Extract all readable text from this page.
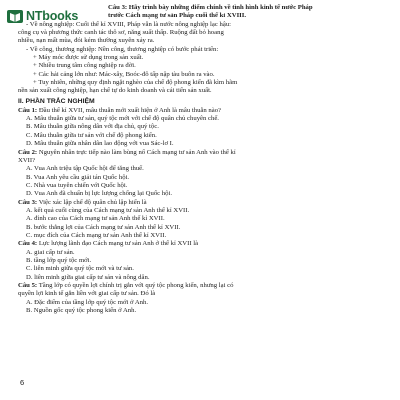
NTbooks
Câu 3: Hãy trình bày những điểm chính về tình hình kinh tế nước Pháp
trước Cách mạng tư sản Pháp cuối thế kỉ XVIII.
- Về nông nghiệp: Cuối thế kỉ XVIII, Pháp vẫn là nước nông nghiệp lạc hậu:
công cụ và phương thức canh tác thô sơ, năng suất thấp. Ruộng đất bỏ hoang
nhiều, nạn mất mùa, đói kém thường xuyên xảy ra.
- Về công, thương nghiệp: Nền công, thương nghiệp có bước phát triển:
+ Máy móc được sử dụng trong sản xuất.
+ Nhiều trung tâm công nghiệp ra đời.
+ Các hải cảng lớn như: Mác-xây, Boóc-đô tấp nập tàu buôn ra vào.
+ Tuy nhiên, những quy định ngặt nghèo của chế độ phong kiến đã kìm hãm
nền sản xuất công nghiệp, hạn chế tự do kinh doanh và cái tiến sản xuất.
II. PHẦN TRẮC NGHIỆM
Câu 1: Đầu thế kỉ XVII, mâu thuẫn mới xuất hiện ở Anh là mâu thuẫn nào?
A. Mâu thuẫn giữa tư sản, quý tộc mới với chế độ quân chủ chuyên chế.
B. Mâu thuẫn giữa nông dân với địa chủ, quý tộc.
C. Mâu thuẫn giữa tư sản với chế độ phong kiến.
D. Mâu thuẫn giữa nhân dân lao động với vua Sác-lơ I.
Câu 2: Nguyên nhân trực tiếp nào làm bùng nổ Cách mạng tư sản Anh vào thế kỉ
XVII?
A. Vua Anh triệu tập Quốc hội để tăng thuế.
B. Vua Anh yêu cầu giải tán Quốc hội.
C. Nhà vua tuyên chiến với Quốc hội.
D. Vua Anh đã chuẩn bị lực lượng chống lại Quốc hội.
Câu 3: Việc xác lập chế độ quân chủ lập hiến là
A. kết quả cuối cùng của Cách mạng tư sản Anh thế kỉ XVII.
A. đỉnh cao của Cách mạng tư sản Anh thế kỉ XVII.
B. bước thắng lợi của Cách mạng tư sản Anh thế kỉ XVII.
C. mục đích của Cách mạng tư sản Anh thế kỉ XVII.
Câu 4: Lực lượng lãnh đạo Cách mạng tư sản Anh ở thế kỉ XVII là
A. giai cấp tư sản.
B. tầng lớp quý tộc mới.
C. liên minh giữa quý tộc mới và tư sản.
D. liên minh giữa giai cấp tư sản và nông dân.
Câu 5: Tầng lớp có quyền lợi chính trị gắn với quý tộc phong kiến, nhưng lại có
quyền lợi kinh tế gắn liền với giai cấp tư sản. Đó là
A. Đặc điểm của tầng lớp quý tộc mới ở Anh.
B. Nguồn gốc quý tộc phong kiến ở Anh.
6
